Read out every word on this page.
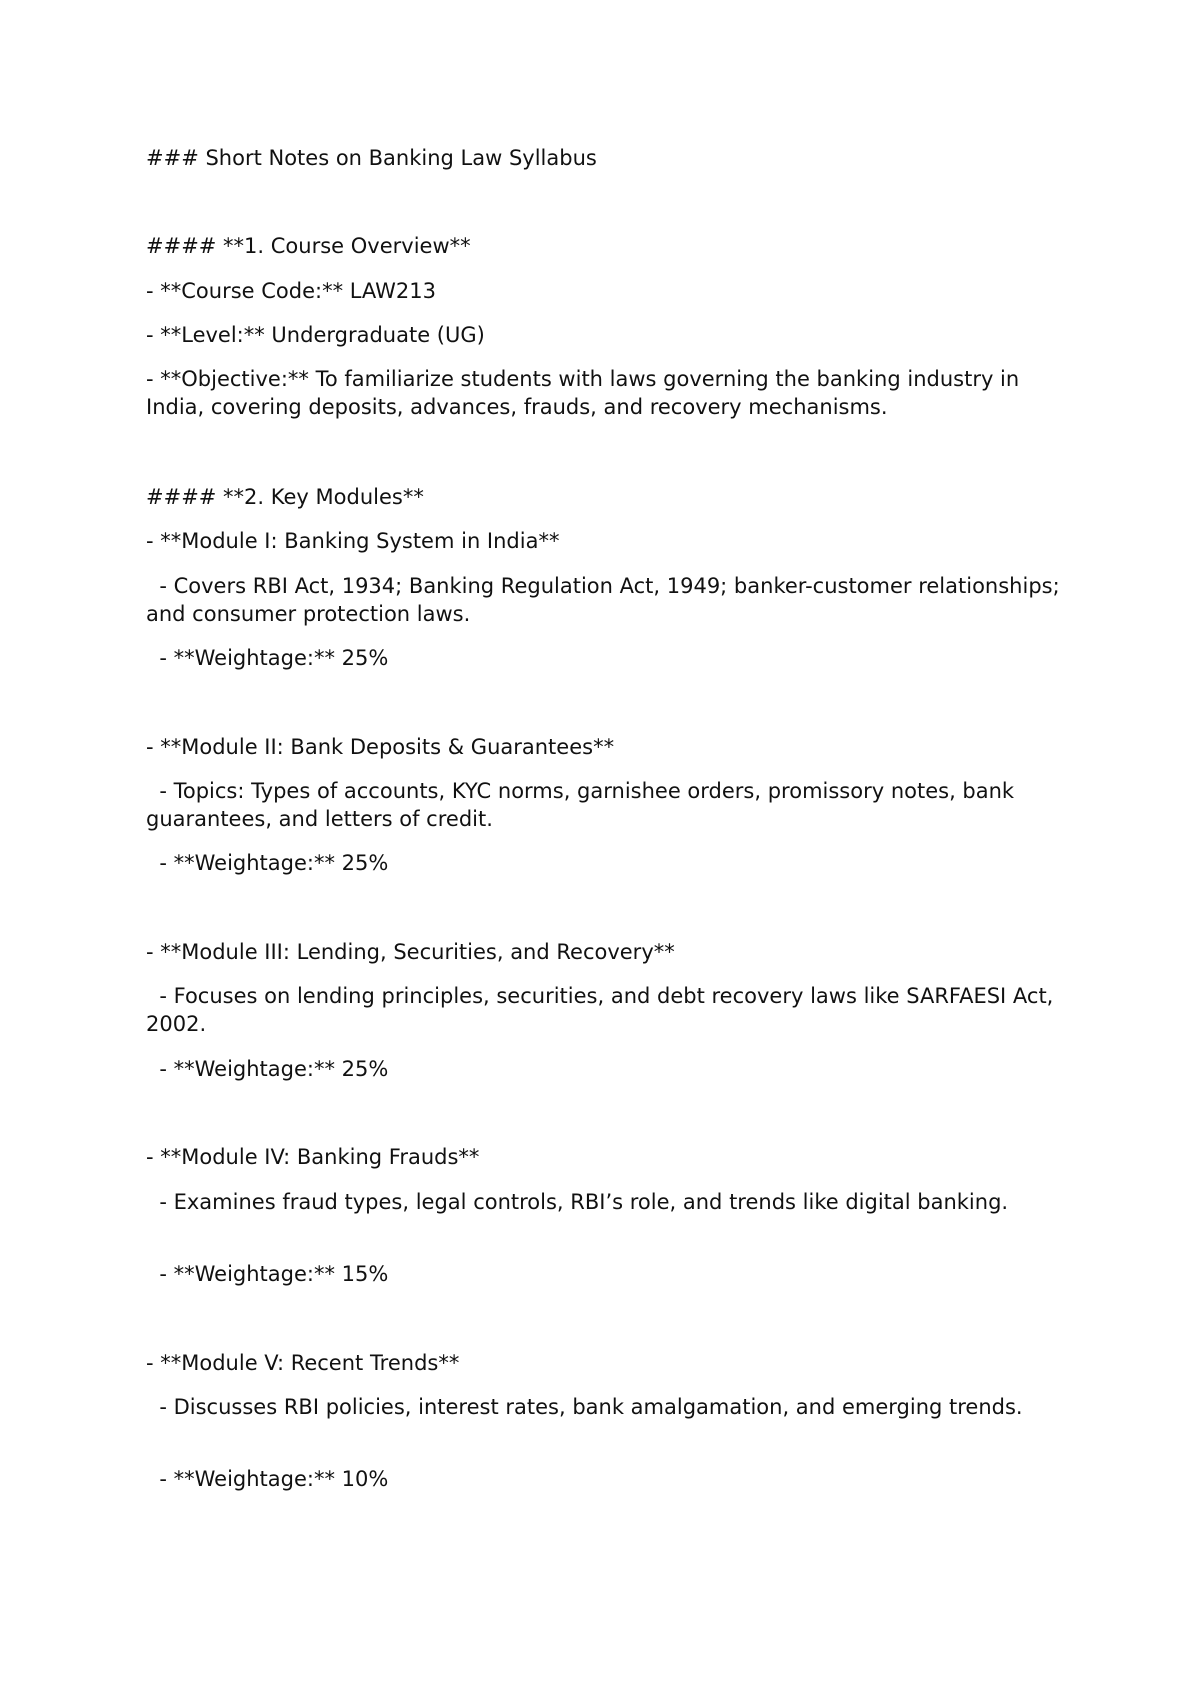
### Short Notes on Banking Law Syllabus
#### **1. Course Overview**
- **Course Code:** LAW213
- **Level:** Undergraduate (UG)
- **Objective:** To familiarize students with laws governing the banking industry in India, covering deposits, advances, frauds, and recovery mechanisms.
#### **2. Key Modules**
- **Module I: Banking System in India**
- Covers RBI Act, 1934; Banking Regulation Act, 1949; banker-customer relationships; and consumer protection laws.
- **Weightage:** 25%
- **Module II: Bank Deposits & Guarantees**
- Topics: Types of accounts, KYC norms, garnishee orders, promissory notes, bank guarantees, and letters of credit.
- **Weightage:** 25%
- **Module III: Lending, Securities, and Recovery**
- Focuses on lending principles, securities, and debt recovery laws like SARFAESI Act, 2002.
- **Weightage:** 25%
- **Module IV: Banking Frauds**
- Examines fraud types, legal controls, RBI’s role, and trends like digital banking.
- **Weightage:** 15%
- **Module V: Recent Trends**
- Discusses RBI policies, interest rates, bank amalgamation, and emerging trends.
- **Weightage:** 10%
